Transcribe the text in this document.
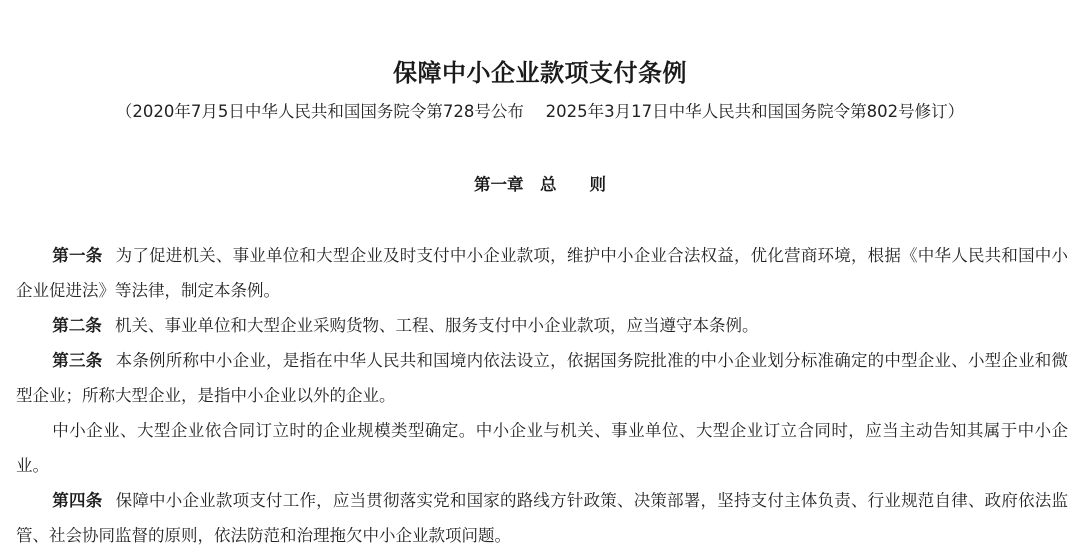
保障中小企业款项支付条例
（2020年7月5日中华人民共和国国务院令第728号公布　 2025年3月17日中华人民共和国国务院令第802号修订）
第一章　总　　则

第一条 为了促进机关、事业单位和大型企业及时支付中小企业款项，维护中小企业合法权益，优化营商环境，根据《中华人民共和国中小企业促进法》等法律，制定本条例。

第二条 机关、事业单位和大型企业采购货物、工程、服务支付中小企业款项，应当遵守本条例。

第三条 本条例所称中小企业，是指在中华人民共和国境内依法设立，依据国务院批准的中小企业划分标准确定的中型企业、小型企业和微型企业；所称大型企业，是指中小企业以外的企业。

中小企业、大型企业依合同订立时的企业规模类型确定。中小企业与机关、事业单位、大型企业订立合同时，应当主动告知其属于中小企业。

第四条 保障中小企业款项支付工作，应当贯彻落实党和国家的路线方针政策、决策部署，坚持支付主体负责、行业规范自律、政府依法监管、社会协同监督的原则，依法防范和治理拖欠中小企业款项问题。
